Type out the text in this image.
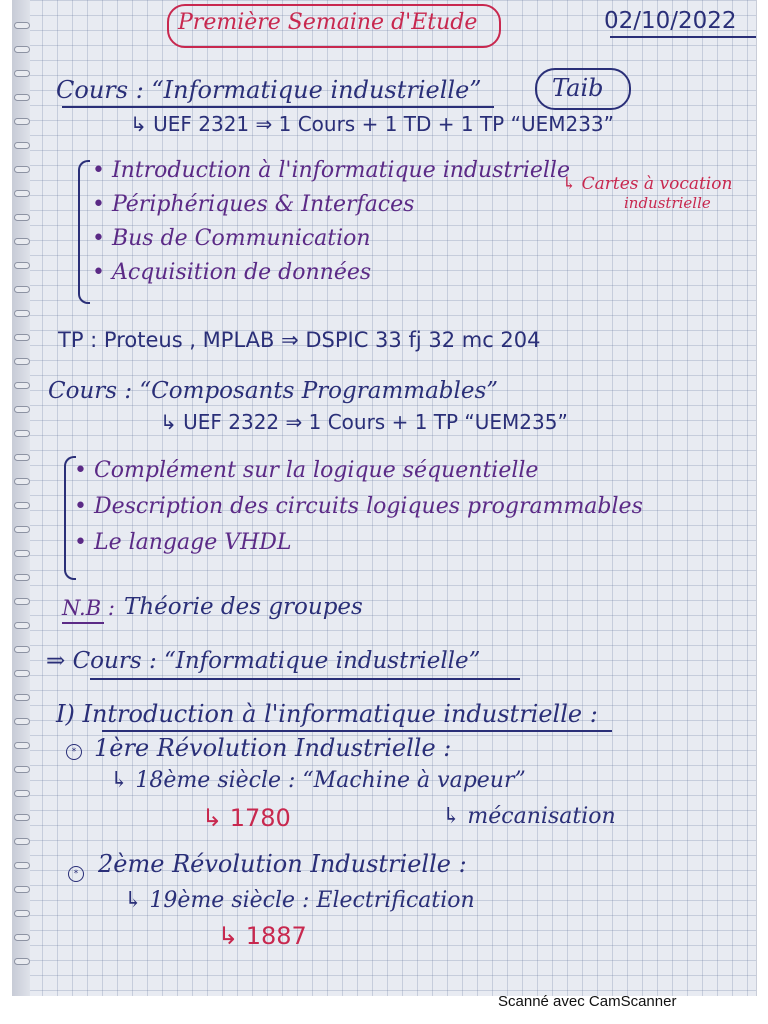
Première Semaine d'Etude	02/10/2022
Cours : “Informatique industrielle”	Taib
↳ UEF 2321 ⇒ 1 Cours + 1 TD + 1 TP “UEM233”
• Introduction à l'informatique industrielle
• Périphériques & Interfaces
• Bus de Communication
• Acquisition de données
↳ Cartes à vocation
industrielle
TP : Proteus , MPLAB ⇒ DSPIC 33 fj 32 mc 204
Cours : “Composants Programmables”
↳ UEF 2322 ⇒ 1 Cours + 1 TP “UEM235”
• Complément sur la logique séquentielle
• Description des circuits logiques programmables
• Le langage VHDL
N.B : Théorie des groupes
⇒ Cours : “Informatique industrielle”
I) Introduction à l'informatique industrielle :
* 1ère Révolution Industrielle :
↳ 18ème siècle : “Machine à vapeur”
↳ 1780	↳ mécanisation
* 2ème Révolution Industrielle :
↳ 19ème siècle : Electrification
↳ 1887
Scanné avec CamScanner
